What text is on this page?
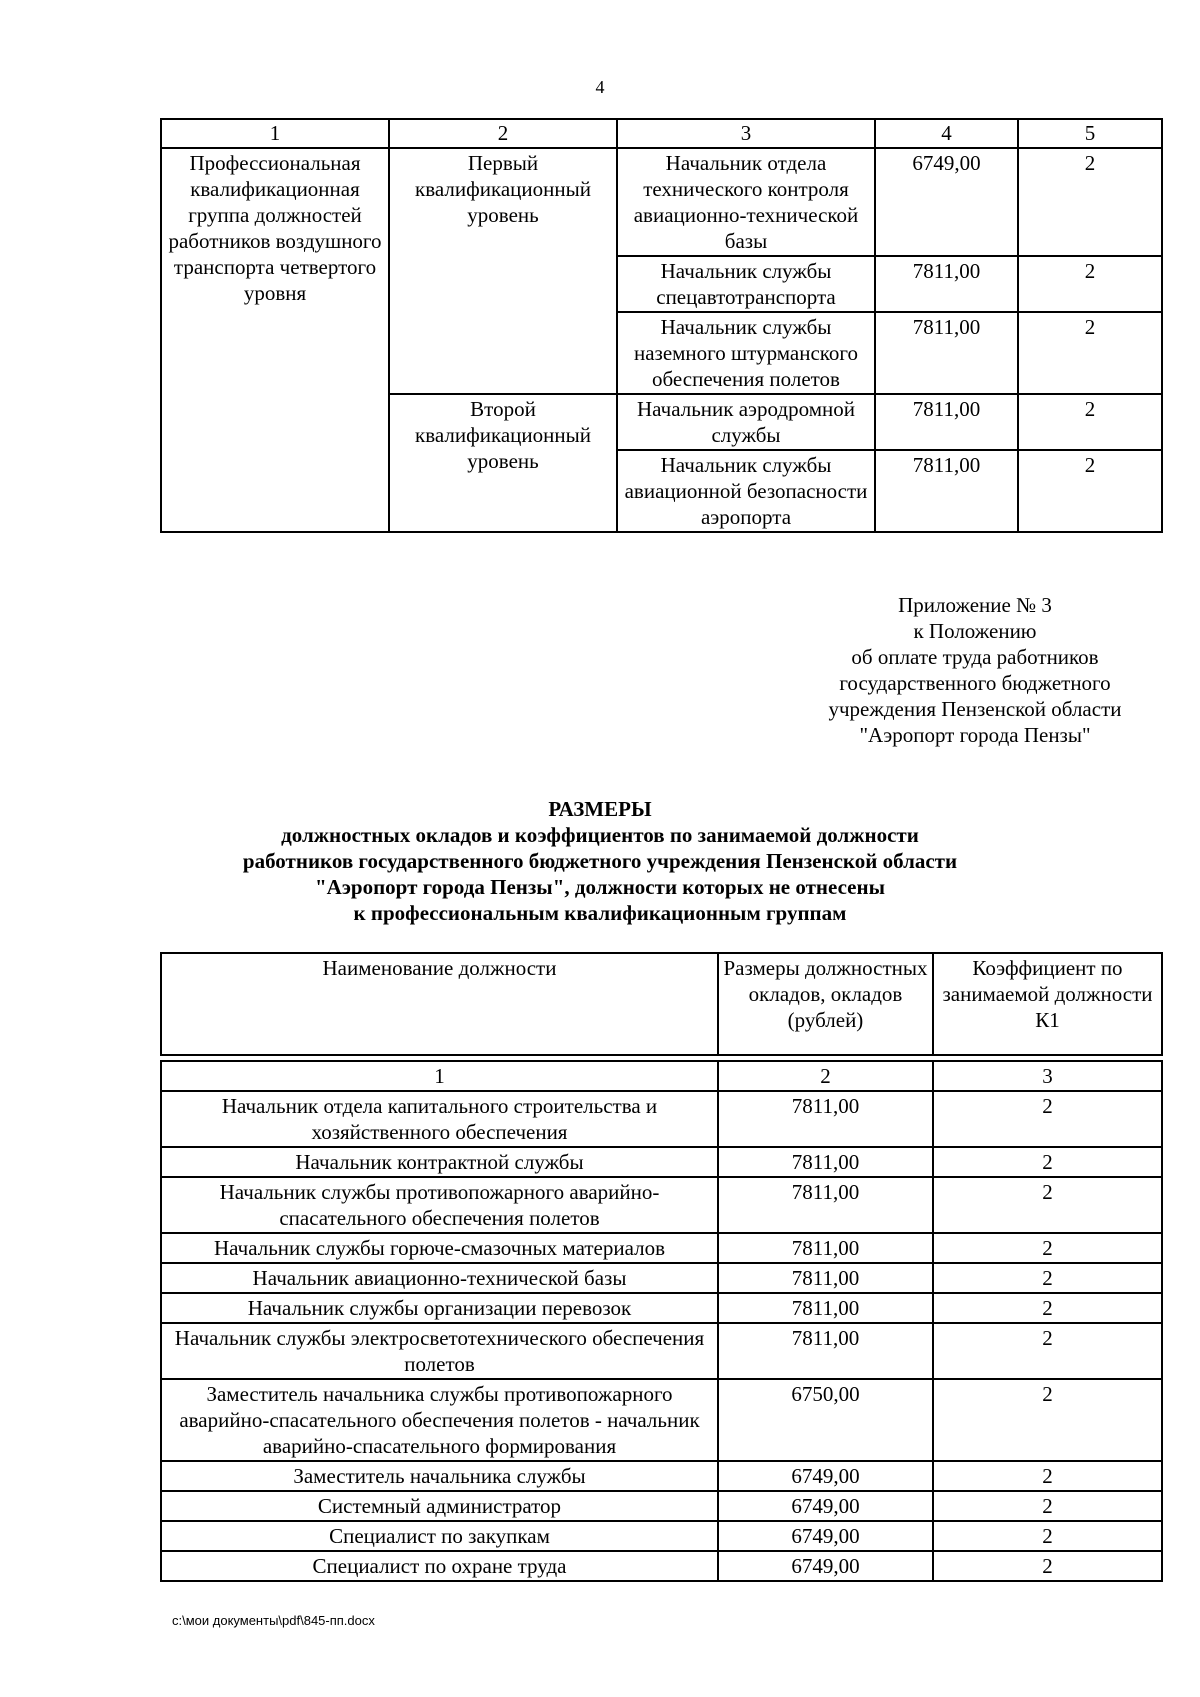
4
1	2	3	4	5
Профессиональная квалификационная группа должностей работников воздушного транспорта четвертого уровня	Первый квалификационный уровень	Начальник отдела технического контроля авиационно-технической базы	6749,00	2
		Начальник службы спецавтотранспорта	7811,00	2
		Начальник службы наземного штурманского обеспечения полетов	7811,00	2
	Второй квалификационный уровень	Начальник аэродромной службы	7811,00	2
		Начальник службы авиационной безопасности аэропорта	7811,00	2
Приложение № 3
к Положению
об оплате труда работников
государственного бюджетного
учреждения Пензенской области
"Аэропорт города Пензы"
РАЗМЕРЫ
должностных окладов и коэффициентов по занимаемой должности
работников государственного бюджетного учреждения Пензенской области
"Аэропорт города Пензы", должности которых не отнесены
к профессиональным квалификационным группам
Наименование должности	Размеры должностных окладов, окладов (рублей)	Коэффициент по занимаемой должности К1

1	2	3
Начальник отдела капитального строительства и хозяйственного обеспечения	7811,00	2
Начальник контрактной службы	7811,00	2
Начальник службы противопожарного аварийно-спасательного обеспечения полетов	7811,00	2
Начальник службы горюче-смазочных материалов	7811,00	2
Начальник авиационно-технической базы	7811,00	2
Начальник службы организации перевозок	7811,00	2
Начальник службы электросветотехнического обеспечения полетов	7811,00	2
Заместитель начальника службы противопожарного аварийно-спасательного обеспечения полетов - начальник аварийно-спасательного формирования	6750,00	2
Заместитель начальника службы	6749,00	2
Системный администратор	6749,00	2
Специалист по закупкам	6749,00	2
Специалист по охране труда	6749,00	2
c:\мои документы\pdf\845-пп.docx
